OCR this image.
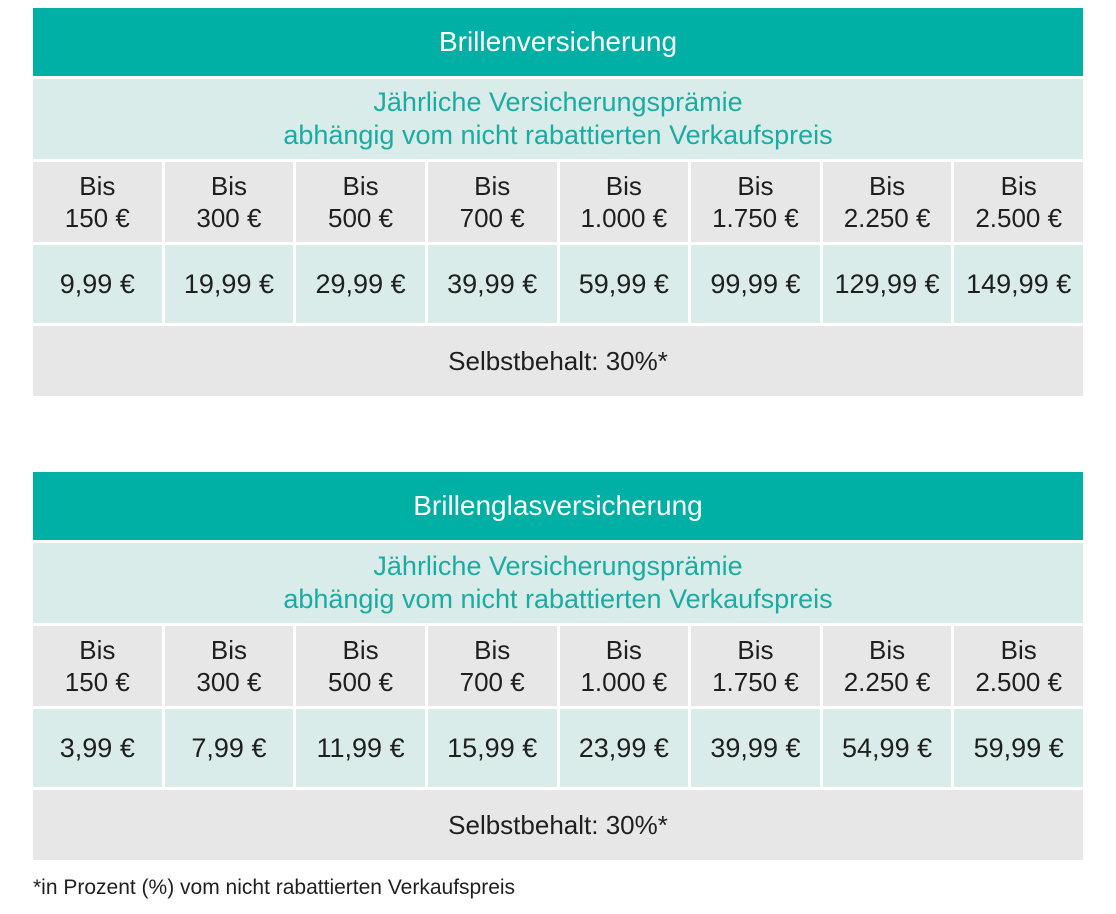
Brillenversicherung
Jährliche Versicherungsprämie
abhängig vom nicht rabattierten Verkaufspreis
Bis
150 €
Bis
300 €
Bis
500 €
Bis
700 €
Bis
1.000 €
Bis
1.750 €
Bis
2.250 €
Bis
2.500 €
9,99 €	19,99 €	29,99 €	39,99 €	59,99 €	99,99 €	129,99 € 149,99 €
Selbstbehalt: 30%*
Brillenglasversicherung
Jährliche Versicherungsprämie
abhängig vom nicht rabattierten Verkaufspreis
Bis
150 €
Bis
300 €
Bis
500 €
Bis
700 €
Bis
1.000 €
Bis
1.750 €
Bis
2.250 €
Bis
2.500 €
3,99 €	7,99 €	11,99 €	15,99 €	23,99 €	39,99 €	54,99 €	59,99 €
Selbstbehalt: 30%*
*in Prozent (%) vom nicht rabattierten Verkaufspreis
